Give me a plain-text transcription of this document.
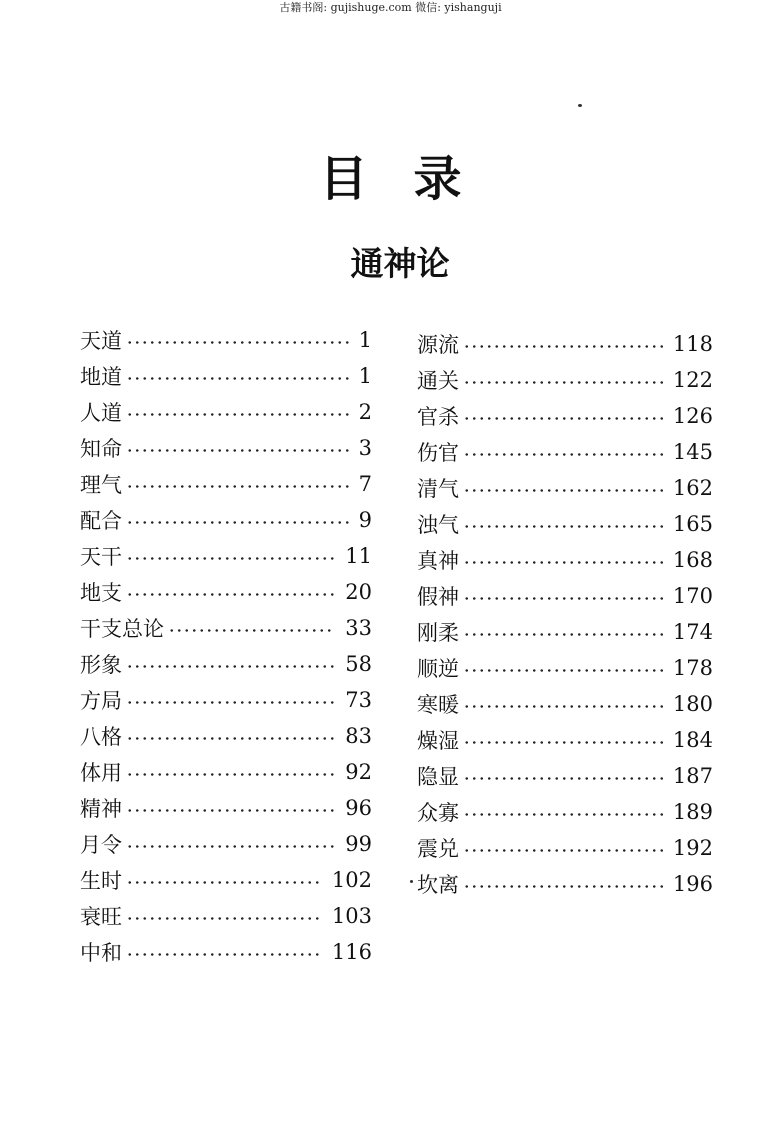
古籍书阁: gujishuge.com 微信: yishanguji
目录
通神论
天道	1
地道	1
人道	2
知命	3
理气	7
配合	9
天干	11
地支	20
干支总论	33
形象	58
方局	73
八格	83
体用	92
精神	96
月令	99
生时	102
衰旺	103
中和	116
源流	118
通关	122
官杀	126
伤官	145
清气	162
浊气	165
真神	168
假神	170
刚柔	174
顺逆	178
寒暖	180
燥湿	184
隐显	187
众寡	189
震兑	192
坎离	196
